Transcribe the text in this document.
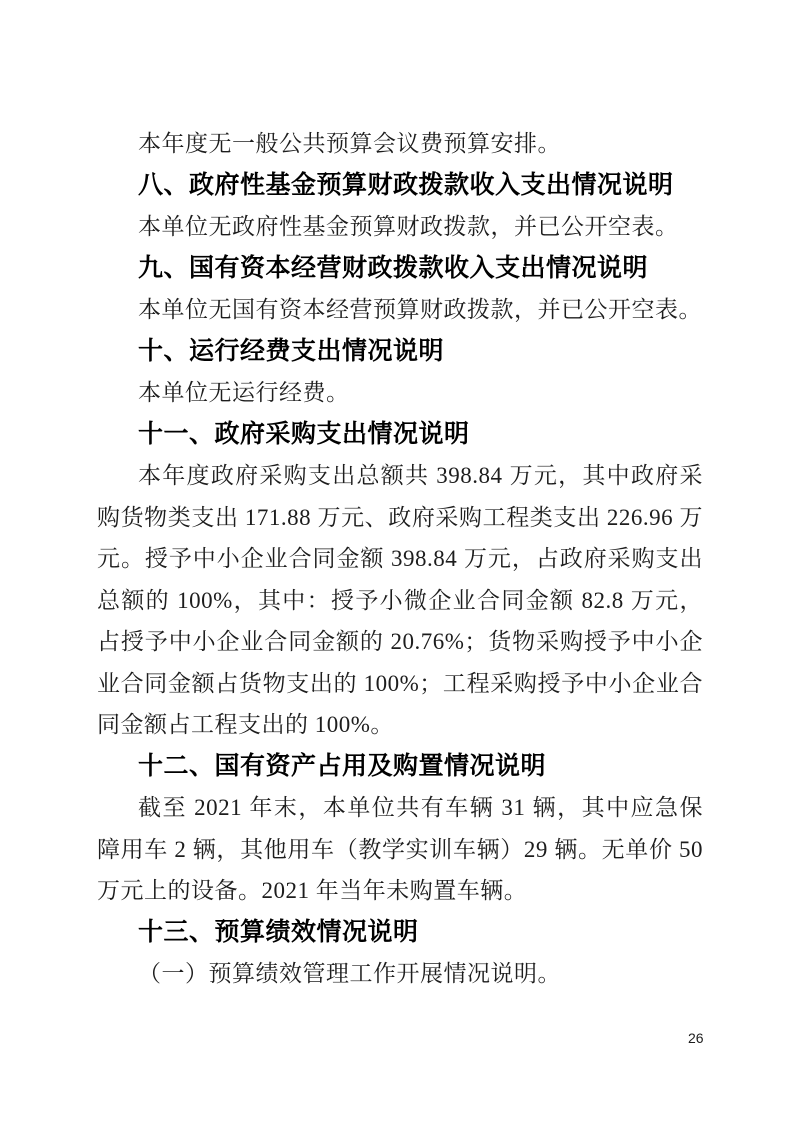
本年度无一般公共预算会议费预算安排。

八、政府性基金预算财政拨款收入支出情况说明

本单位无政府性基金预算财政拨款，并已公开空表。

九、国有资本经营财政拨款收入支出情况说明

本单位无国有资本经营预算财政拨款，并已公开空表。

十、运行经费支出情况说明

本单位无运行经费。

十一、政府采购支出情况说明

本年度政府采购支出总额共 398.84 万元，其中政府采购货物类支出 171.88 万元、政府采购工程类支出 226.96 万元。授予中小企业合同金额 398.84 万元，占政府采购支出总额的 100%，其中：授予小微企业合同金额 82.8 万元，占授予中小企业合同金额的 20.76%；货物采购授予中小企业合同金额占货物支出的 100%；工程采购授予中小企业合同金额占工程支出的 100%。

十二、国有资产占用及购置情况说明

截至 2021 年末，本单位共有车辆 31 辆，其中应急保障用车 2 辆，其他用车（教学实训车辆）29 辆。无单价 50 万元上的设备。2021 年当年未购置车辆。

十三、预算绩效情况说明

（一）预算绩效管理工作开展情况说明。

26
